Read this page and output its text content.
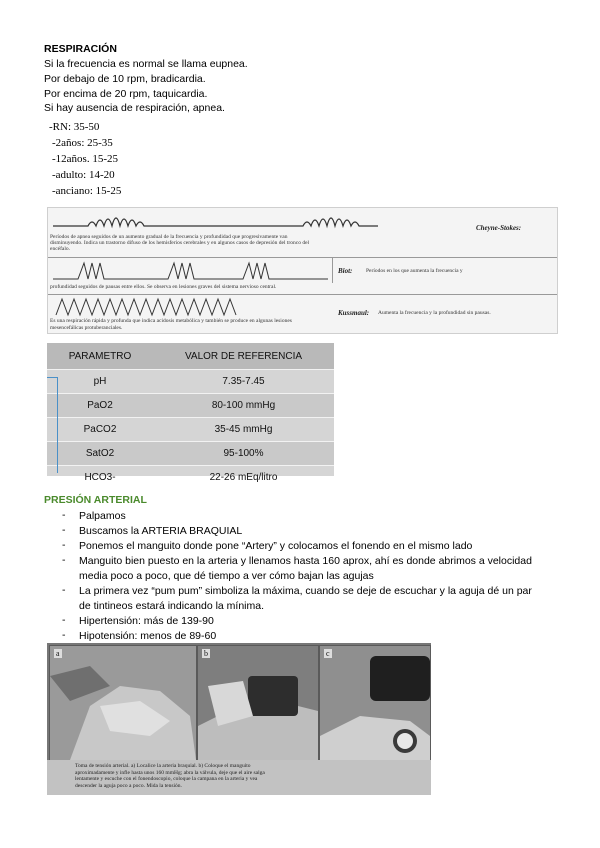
RESPIRACIÓN
Si la frecuencia es normal se llama eupnea.
Por debajo de 10 rpm, bradicardia.
Por encima de 20 rpm, taquicardia.
Si hay ausencia de respiración, apnea.
-RN: 35-50
-2años: 25-35
-12años. 15-25
-adulto: 14-20
-anciano: 15-25
Cheyne-Stokes:
Períodos de apnea seguidos de un aumento gradual de la frecuencia y profundidad que progresivamente van
disminuyendo. Indica un trastorno difuso de los hemisferios cerebrales y en algunos casos de depresión del tronco del
encéfalo.
Biot: Períodos en los que aumenta la frecuencia y
profundidad seguidos de pausas entre ellos. Se observa en lesiones graves del sistema nervioso central.
Kussmaul: Aumenta la frecuencia y la profundidad sin pausas.
Es una respiración rápida y profunda que indica acidosis metabólica y también se produce en algunas lesiones
mesencefálicas protuberanciales.
PARAMETRO	VALOR DE REFERENCIA
pH	7.35-7.45
PaO2	80-100 mmHg
PaCO2	35-45 mmHg
SatO2	95-100%
HCO3-	22-26 mEq/litro
PRESIÓN ARTERIAL
- Palpamos
- Buscamos la ARTERIA BRAQUIAL
- Ponemos el manguito donde pone “Artery” y colocamos el fonendo en el mismo lado
- Manguito bien puesto en la arteria y llenamos hasta 160 aprox, ahí es donde abrimos a velocidad
media poco a poco, que dé tiempo a ver cómo bajan las agujas
- La primera vez “pum pum” simboliza la máxima, cuando se deje de escuchar y la aguja dé un par
de tintineos estará indicando la mínima.
- Hipertensión: más de 139-90
- Hipotensión: menos de 89-60
a	b	c
Toma de tensión arterial. a) Localice la arteria braquial. b) Coloque el manguito
aproximadamente y infle hasta unos 160 mmHg; abra la válvula, deje que el aire salga
lentamente y escuche con el fonendoscopio, coloque la campana en la arteria y vea
descender la aguja poco a poco. Mida la tensión.
